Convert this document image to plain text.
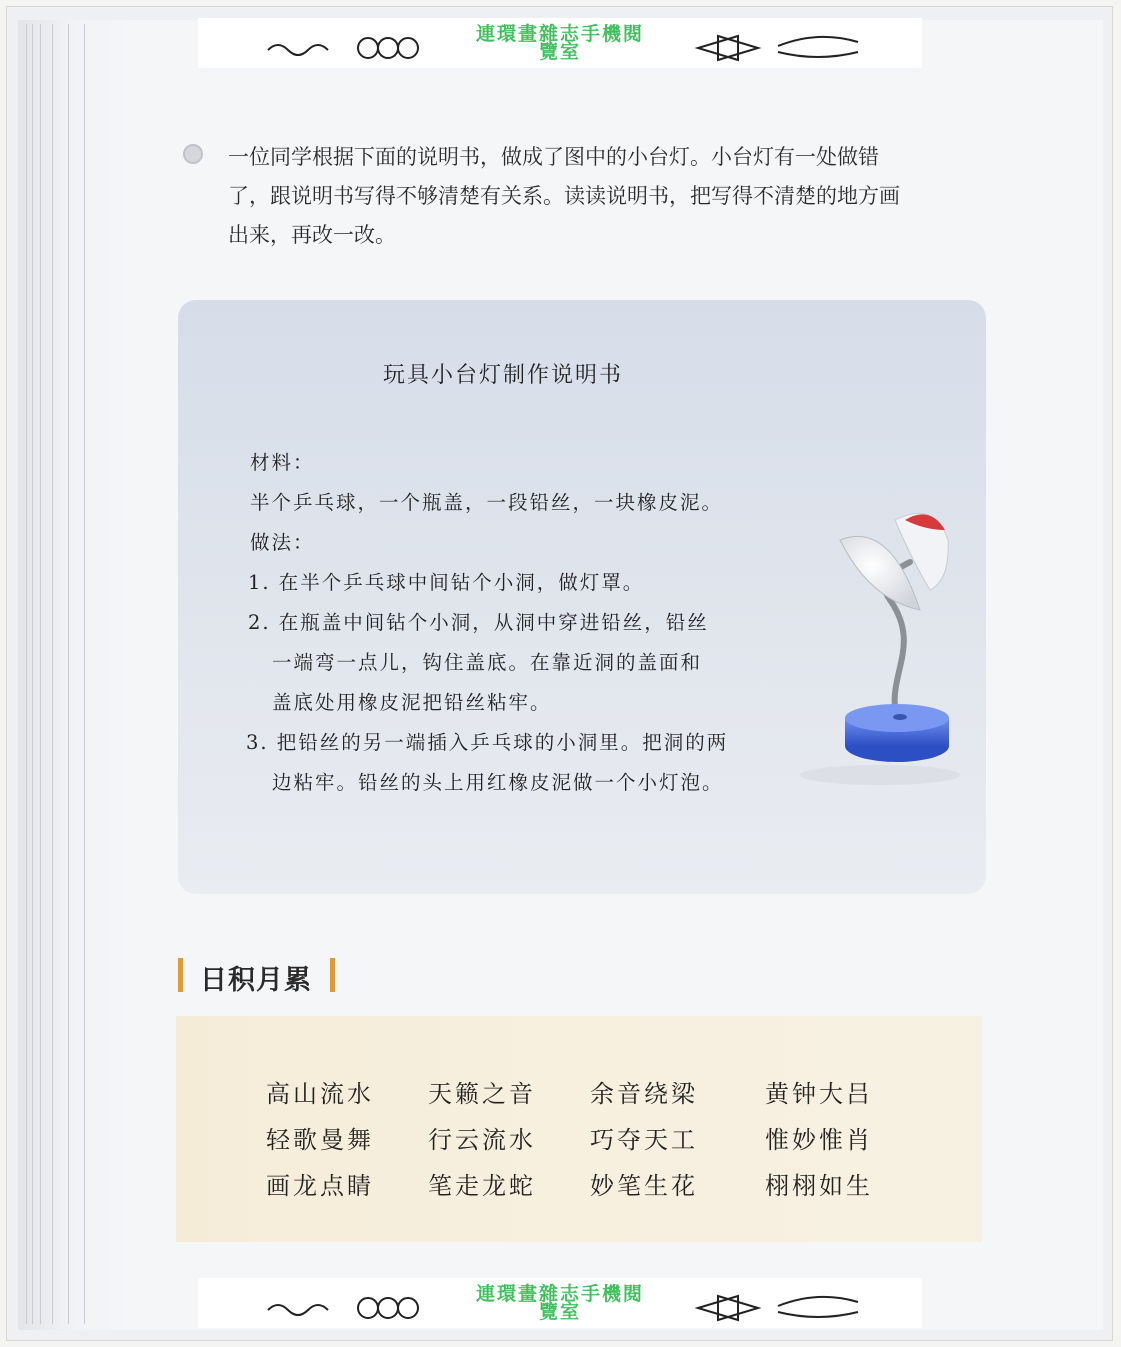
連環畫雜志手機閱
覽室
一位同学根据下面的说明书，做成了图中的小台灯。小台灯有一处做错
了，跟说明书写得不够清楚有关系。读读说明书，把写得不清楚的地方画
出来，再改一改。
玩具小台灯制作说明书
材料：
半个乒乓球，一个瓶盖，一段铅丝，一块橡皮泥。
做法：
1. 在半个乒乓球中间钻个小洞，做灯罩。
2. 在瓶盖中间钻个小洞，从洞中穿进铅丝，铅丝
一端弯一点儿，钩住盖底。在靠近洞的盖面和
盖底处用橡皮泥把铅丝粘牢。
3. 把铅丝的另一端插入乒乓球的小洞里。把洞的两
边粘牢。铅丝的头上用红橡皮泥做一个小灯泡。
日积月累
高山流水 天籁之音 余音绕梁	黄钟大吕
轻歌曼舞 行云流水 巧夺天工	惟妙惟肖
画龙点睛 笔走龙蛇 妙笔生花	栩栩如生
連環畫雜志手機閱
覽室
